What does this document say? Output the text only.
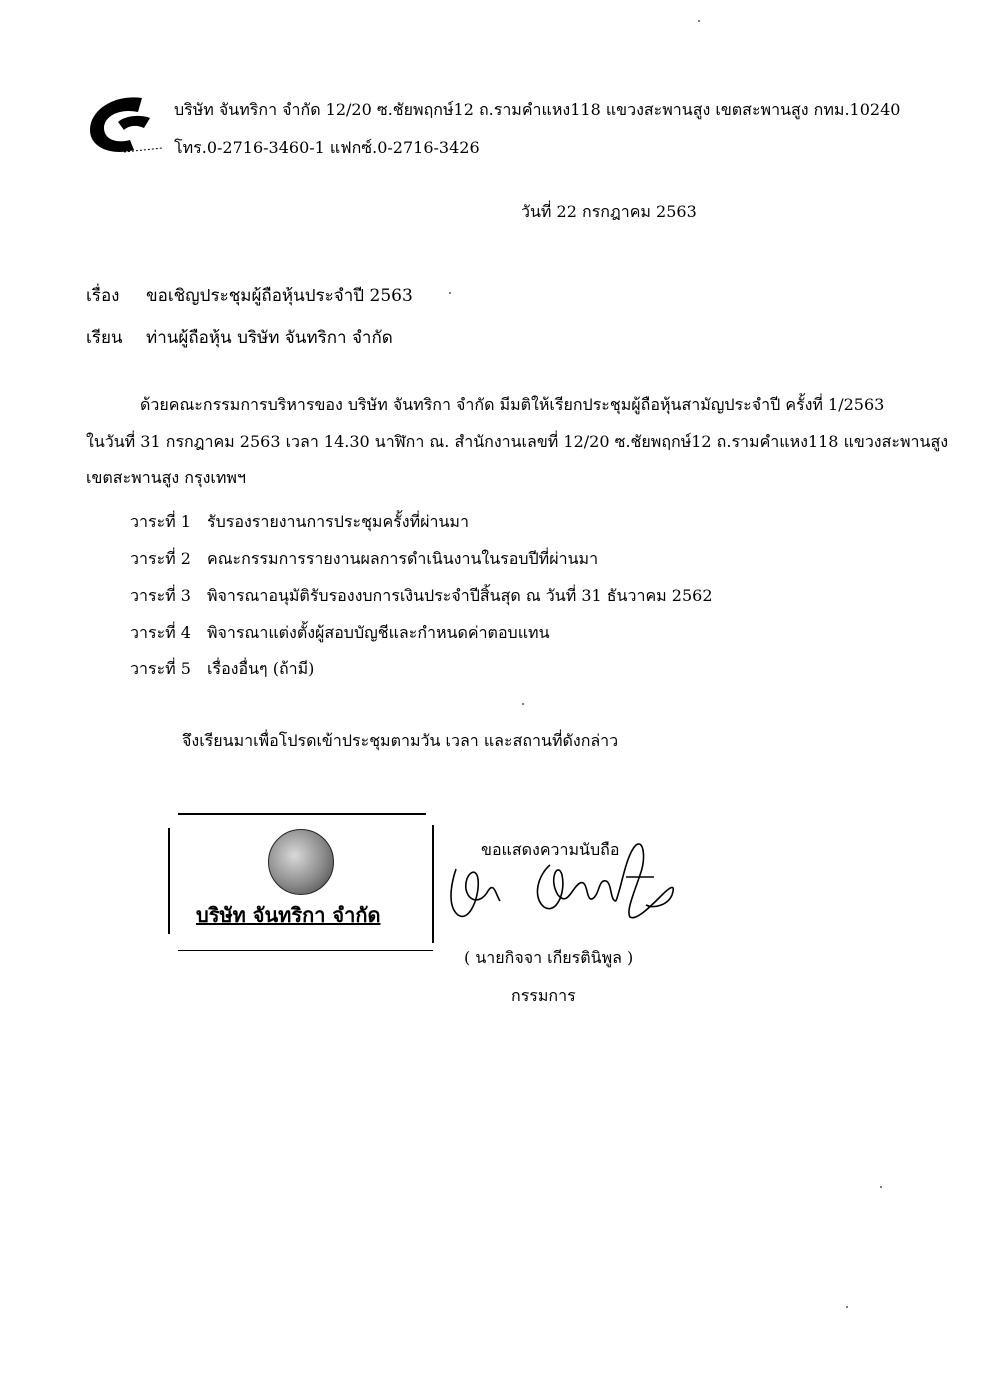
บริษัท จันทริกา จำกัด 12/20 ซ.ชัยพฤกษ์12 ถ.รามคำแหง118 แขวงสะพานสูง เขตสะพานสูง กทม.10240
โทร.0-2716-3460-1 แฟกซ์.0-2716-3426
วันที่ 22 กรกฎาคม 2563
เรื่อง ขอเชิญประชุมผู้ถือหุ้นประจำปี 2563
เรียน ท่านผู้ถือหุ้น บริษัท จันทริกา จำกัด
ด้วยคณะกรรมการบริหารของ บริษัท จันทริกา จำกัด มีมติให้เรียกประชุมผู้ถือหุ้นสามัญประจำปี ครั้งที่ 1/2563
ในวันที่ 31 กรกฎาคม 2563 เวลา 14.30 นาฬิกา ณ. สำนักงานเลขที่ 12/20 ซ.ชัยพฤกษ์12 ถ.รามคำแหง118 แขวงสะพานสูง
เขตสะพานสูง กรุงเทพฯ
วาระที่ 1 รับรองรายงานการประชุมครั้งที่ผ่านมา
วาระที่ 2 คณะกรรมการรายงานผลการดำเนินงานในรอบปีที่ผ่านมา
วาระที่ 3 พิจารณาอนุมัติรับรองงบการเงินประจำปีสิ้นสุด ณ วันที่ 31 ธันวาคม 2562
วาระที่ 4 พิจารณาแต่งตั้งผู้สอบบัญชีและกำหนดค่าตอบแทน
วาระที่ 5 เรื่องอื่นๆ (ถ้ามี)
จึงเรียนมาเพื่อโปรดเข้าประชุมตามวัน เวลา และสถานที่ดังกล่าว
บริษัท จันทริกา จำกัด
ขอแสดงความนับถือ
( นายกิจจา เกียรตินิพูล )
กรรมการ
